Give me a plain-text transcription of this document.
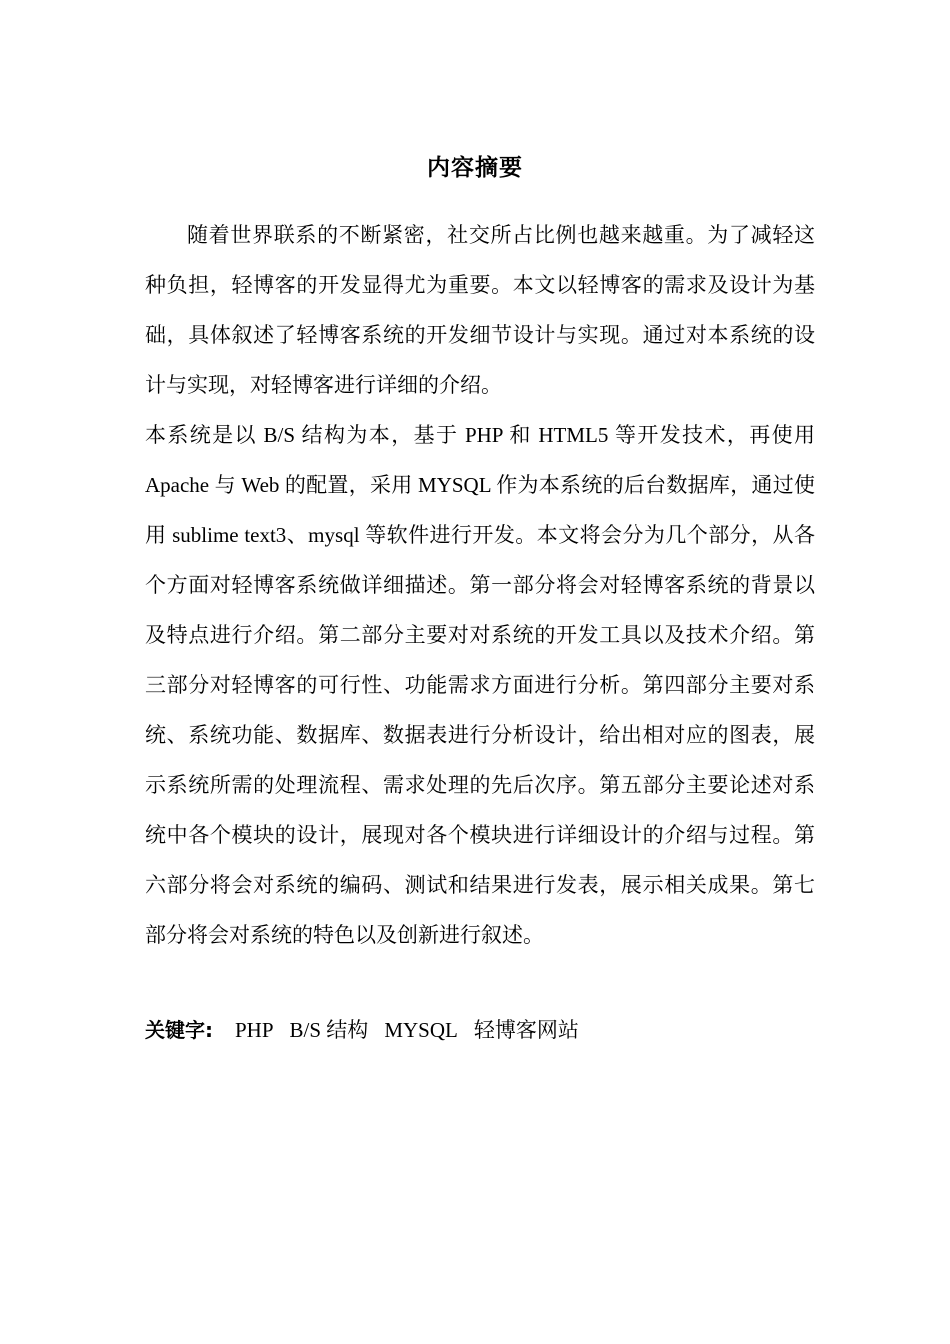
内容摘要

随着世界联系的不断紧密，社交所占比例也越来越重。为了减轻这种负担，轻博客的开发显得尤为重要。本文以轻博客的需求及设计为基础，具体叙述了轻博客系统的开发细节设计与实现。通过对本系统的设计与实现，对轻博客进行详细的介绍。

本系统是以 B/S 结构为本，基于 PHP 和 HTML5 等开发技术，再使用 Apache 与 Web 的配置，采用 MYSQL 作为本系统的后台数据库，通过使用 sublime text3、mysql 等软件进行开发。本文将会分为几个部分，从各个方面对轻博客系统做详细描述。第一部分将会对轻博客系统的背景以及特点进行介绍。第二部分主要对对系统的开发工具以及技术介绍。第三部分对轻博客的可行性、功能需求方面进行分析。第四部分主要对系统、系统功能、数据库、数据表进行分析设计，给出相对应的图表，展示系统所需的处理流程、需求处理的先后次序。第五部分主要论述对系统中各个模块的设计，展现对各个模块进行详细设计的介绍与过程。第六部分将会对系统的编码、测试和结果进行发表，展示相关成果。第七部分将会对系统的特色以及创新进行叙述。

关键字: PHP B/S 结构 MYSQL 轻博客网站
